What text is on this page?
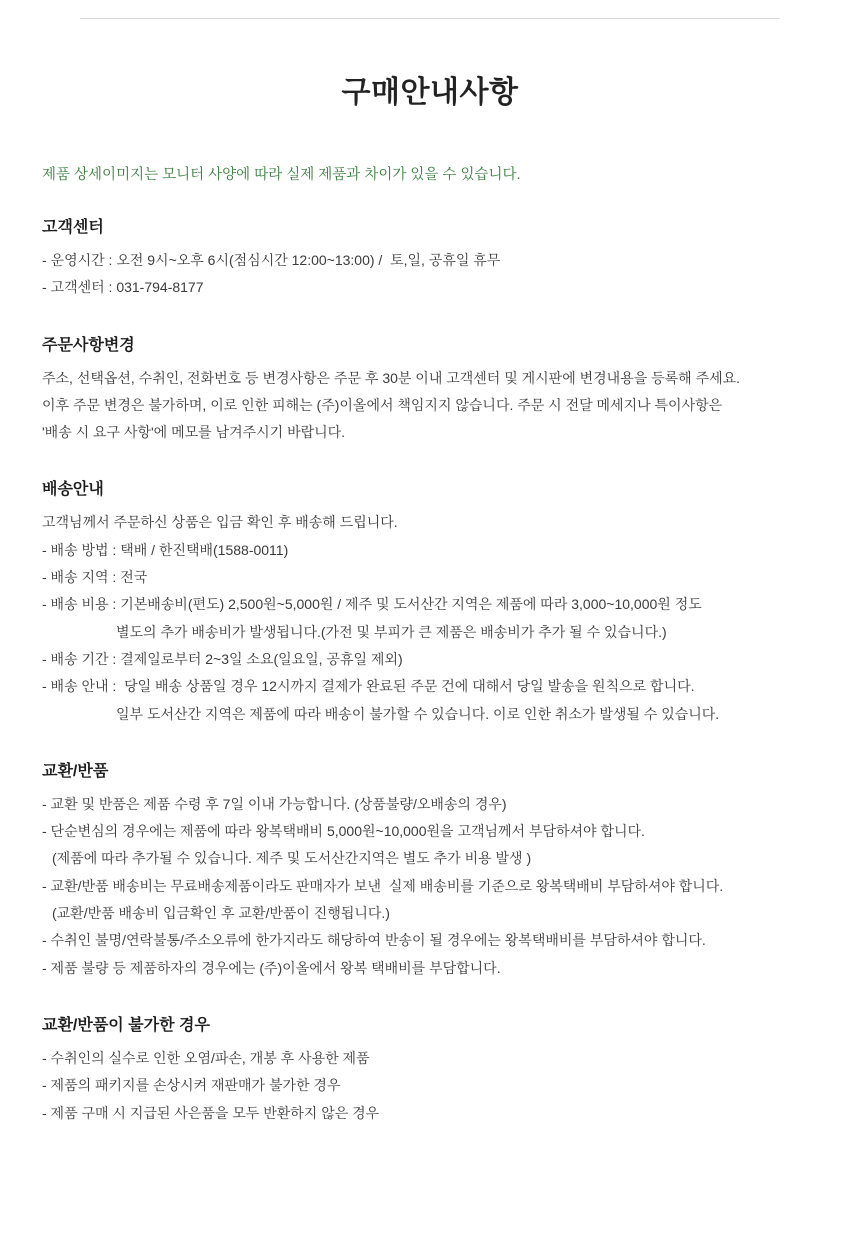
구매안내사항

제품 상세이미지는 모니터 사양에 따라 실제 제품과 차이가 있을 수 있습니다.

고객센터
- 운영시간 : 오전 9시~오후 6시(점심시간 12:00~13:00) /  토,일, 공휴일 휴무
- 고객센터 : 031-794-8177
주문사항변경
주소, 선택옵션, 수취인, 전화번호 등 변경사항은 주문 후 30분 이내 고객센터 및 게시판에 변경내용을 등록해 주세요.
이후 주문 변경은 불가하며, 이로 인한 피해는 (주)이올에서 책임지지 않습니다. 주문 시 전달 메세지나 특이사항은
'배송 시 요구 사항'에 메모를 남겨주시기 바랍니다.
배송안내
고객님께서 주문하신 상품은 입금 확인 후 배송해 드립니다.
- 배송 방법 : 택배 / 한진택배(1588-0011)
- 배송 지역 : 전국
- 배송 비용 : 기본배송비(편도) 2,500원~5,000원 / 제주 및 도서산간 지역은 제품에 따라 3,000~10,000원 정도
별도의 추가 배송비가 발생됩니다.(가전 및 부피가 큰 제품은 배송비가 추가 될 수 있습니다.)
- 배송 기간 : 결제일로부터 2~3일 소요(일요일, 공휴일 제외)
- 배송 안내 :  당일 배송 상품일 경우 12시까지 결제가 완료된 주문 건에 대해서 당일 발송을 원칙으로 합니다.
일부 도서산간 지역은 제품에 따라 배송이 불가할 수 있습니다. 이로 인한 취소가 발생될 수 있습니다.
교환/반품
- 교환 및 반품은 제품 수령 후 7일 이내 가능합니다. (상품불량/오배송의 경우)
- 단순변심의 경우에는 제품에 따라 왕복택배비 5,000원~10,000원을 고객님께서 부담하셔야 합니다.
(제품에 따라 추가될 수 있습니다. 제주 및 도서산간지역은 별도 추가 비용 발생 )
- 교환/반품 배송비는 무료배송제품이라도 판매자가 보낸  실제 배송비를 기준으로 왕복택배비 부담하셔야 합니다.
(교환/반품 배송비 입금확인 후 교환/반품이 진행됩니다.)
- 수취인 불명/연락불통/주소오류에 한가지라도 해당하여 반송이 될 경우에는 왕복택배비를 부담하셔야 합니다.
- 제품 불량 등 제품하자의 경우에는 (주)이올에서 왕복 택배비를 부담합니다.
교환/반품이 불가한 경우
- 수취인의 실수로 인한 오염/파손, 개봉 후 사용한 제품
- 제품의 패키지를 손상시켜 재판매가 불가한 경우
- 제품 구매 시 지급된 사은품을 모두 반환하지 않은 경우
